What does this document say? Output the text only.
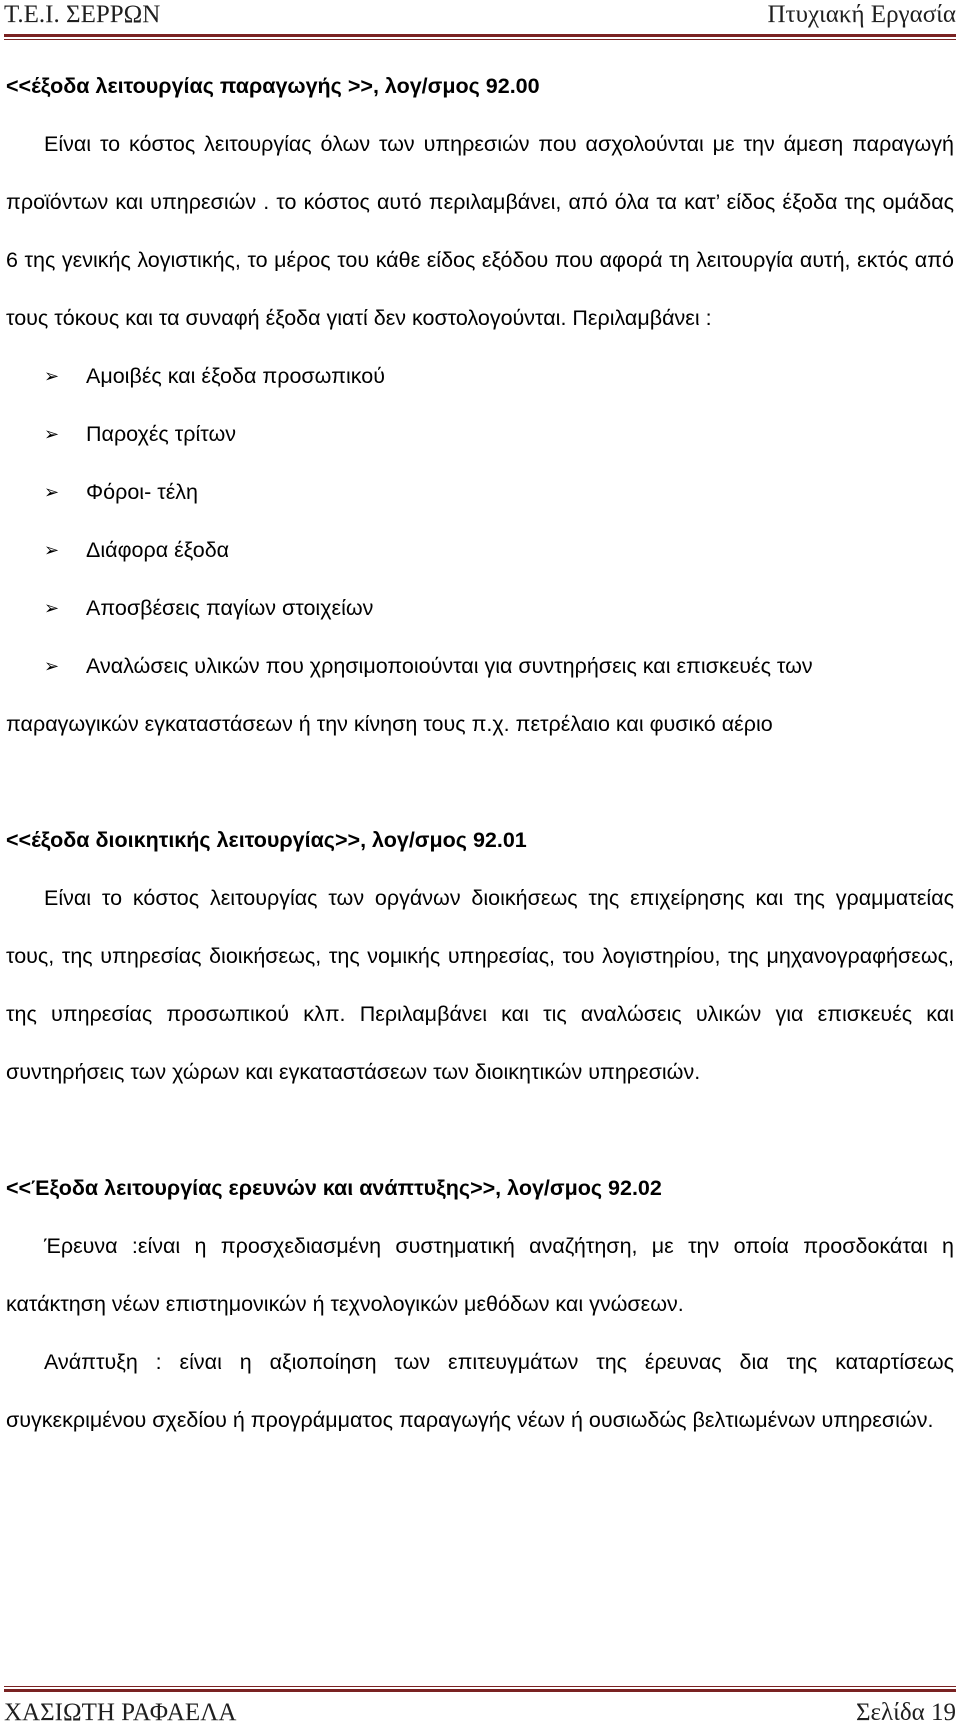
Τ.Ε.Ι. ΣΕΡΡΩΝ	Πτυχιακή Εργασία

<<έξοδα λειτουργίας παραγωγής >>, λογ/σμος 92.00

Είναι το κόστος λειτουργίας όλων των υπηρεσιών που ασχολούνται με την άμεση παραγωγή προϊόντων και υπηρεσιών . το κόστος αυτό περιλαμβάνει, από όλα τα κατ’ είδος έξοδα της ομάδας 6 της γενικής λογιστικής, το μέρος του κάθε είδος εξόδου που αφορά τη λειτουργία αυτή, εκτός από τους τόκους και τα συναφή έξοδα γιατί δεν κοστολογούνται. Περιλαμβάνει :

➢ Αμοιβές και έξοδα προσωπικού
➢ Παροχές τρίτων
➢ Φόροι- τέλη
➢ Διάφορα έξοδα
➢ Αποσβέσεις παγίων στοιχείων
➢ Αναλώσεις υλικών που χρησιμοποιούνται για συντηρήσεις και επισκευές των

παραγωγικών εγκαταστάσεων ή την κίνηση τους π.χ. πετρέλαιο και φυσικό αέριο

<<έξοδα διοικητικής λειτουργίας>>, λογ/σμος 92.01

Είναι το κόστος λειτουργίας των οργάνων διοικήσεως της επιχείρησης και της γραμματείας τους, της υπηρεσίας διοικήσεως, της νομικής υπηρεσίας, του λογιστηρίου, της μηχανογραφήσεως, της υπηρεσίας προσωπικού κλπ. Περιλαμβάνει και τις αναλώσεις υλικών για επισκευές και συντηρήσεις των χώρων και εγκαταστάσεων των διοικητικών υπηρεσιών.

<<Έξοδα λειτουργίας ερευνών και ανάπτυξης>>, λογ/σμος 92.02

Έρευνα :είναι η προσχεδιασμένη συστηματική αναζήτηση, με την οποία προσδοκάται η κατάκτηση νέων επιστημονικών ή τεχνολογικών μεθόδων και γνώσεων.

Ανάπτυξη : είναι η αξιοποίηση των επιτευγμάτων της έρευνας δια της καταρτίσεως συγκεκριμένου σχεδίου ή προγράμματος παραγωγής νέων ή ουσιωδώς βελτιωμένων υπηρεσιών.

ΧΑΣΙΩΤΗ ΡΑΦΑΕΛΑ	Σελίδα 19
